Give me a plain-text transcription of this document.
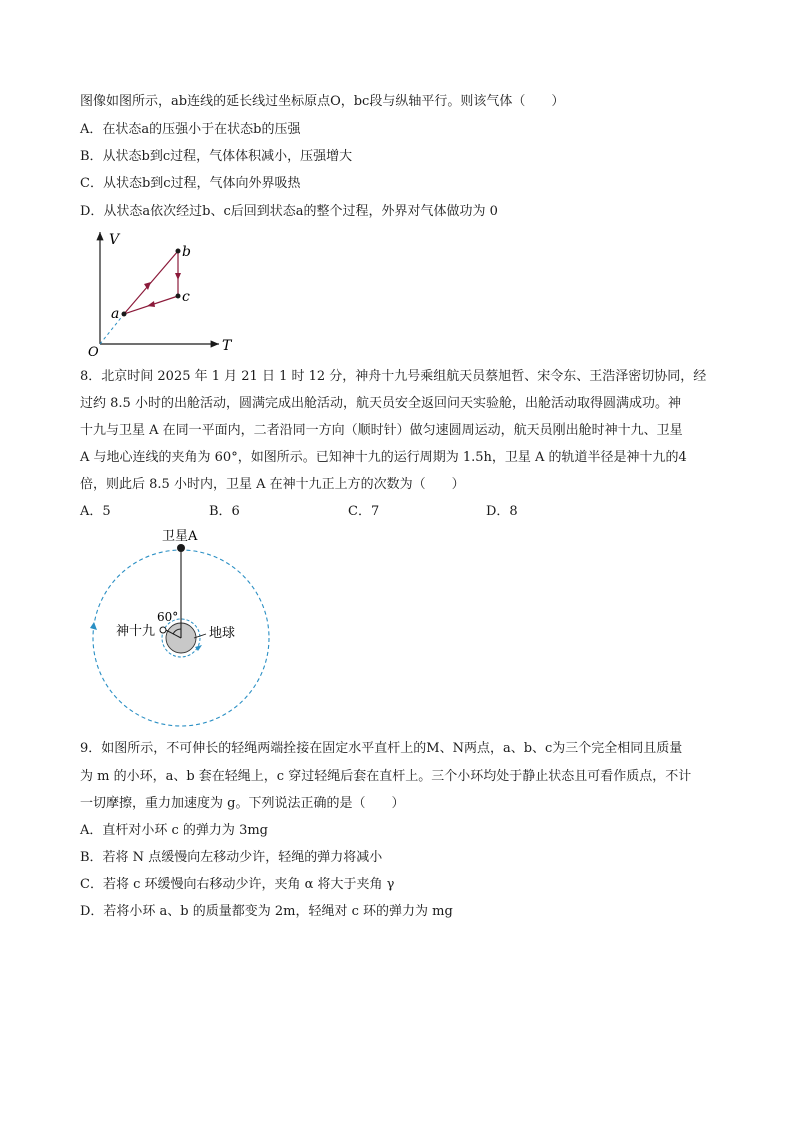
图像如图所示，ab连线的延长线过坐标原点O，bc段与纵轴平行。则该气体（　　）
A．在状态a的压强小于在状态b的压强
B．从状态b到c过程，气体体积减小，压强增大
C．从状态b到c过程，气体向外界吸热
D．从状态a依次经过b、c后回到状态a的整个过程，外界对气体做功为 0
V
T
O
a
b
c
8．北京时间 2025 年 1 月 21 日 1 时 12 分，神舟十九号乘组航天员蔡旭哲、宋令东、王浩泽密切协同，经
过约 8.5 小时的出舱活动，圆满完成出舱活动，航天员安全返回问天实验舱，出舱活动取得圆满成功。神
十九与卫星 A 在同一平面内，二者沿同一方向（顺时针）做匀速圆周运动，航天员刚出舱时神十九、卫星
A 与地心连线的夹角为 60°，如图所示。已知神十九的运行周期为 1.5h，卫星 A 的轨道半径是神十九的4
倍，则此后 8.5 小时内，卫星 A 在神十九正上方的次数为（　　）
A．5	B．6	C．7	D．8
卫星A
神十九
60°
地球
9．如图所示，不可伸长的轻绳两端拴接在固定水平直杆上的M、N两点，a、b、c为三个完全相同且质量
为 m 的小环，a、b 套在轻绳上，c 穿过轻绳后套在直杆上。三个小环均处于静止状态且可看作质点，不计
一切摩擦，重力加速度为 g。下列说法正确的是（　　）
A．直杆对小环 c 的弹力为 3mg
B．若将 N 点缓慢向左移动少许，轻绳的弹力将减小
C．若将 c 环缓慢向右移动少许，夹角 α 将大于夹角 γ
D．若将小环 a、b 的质量都变为 2m，轻绳对 c 环的弹力为 mg
